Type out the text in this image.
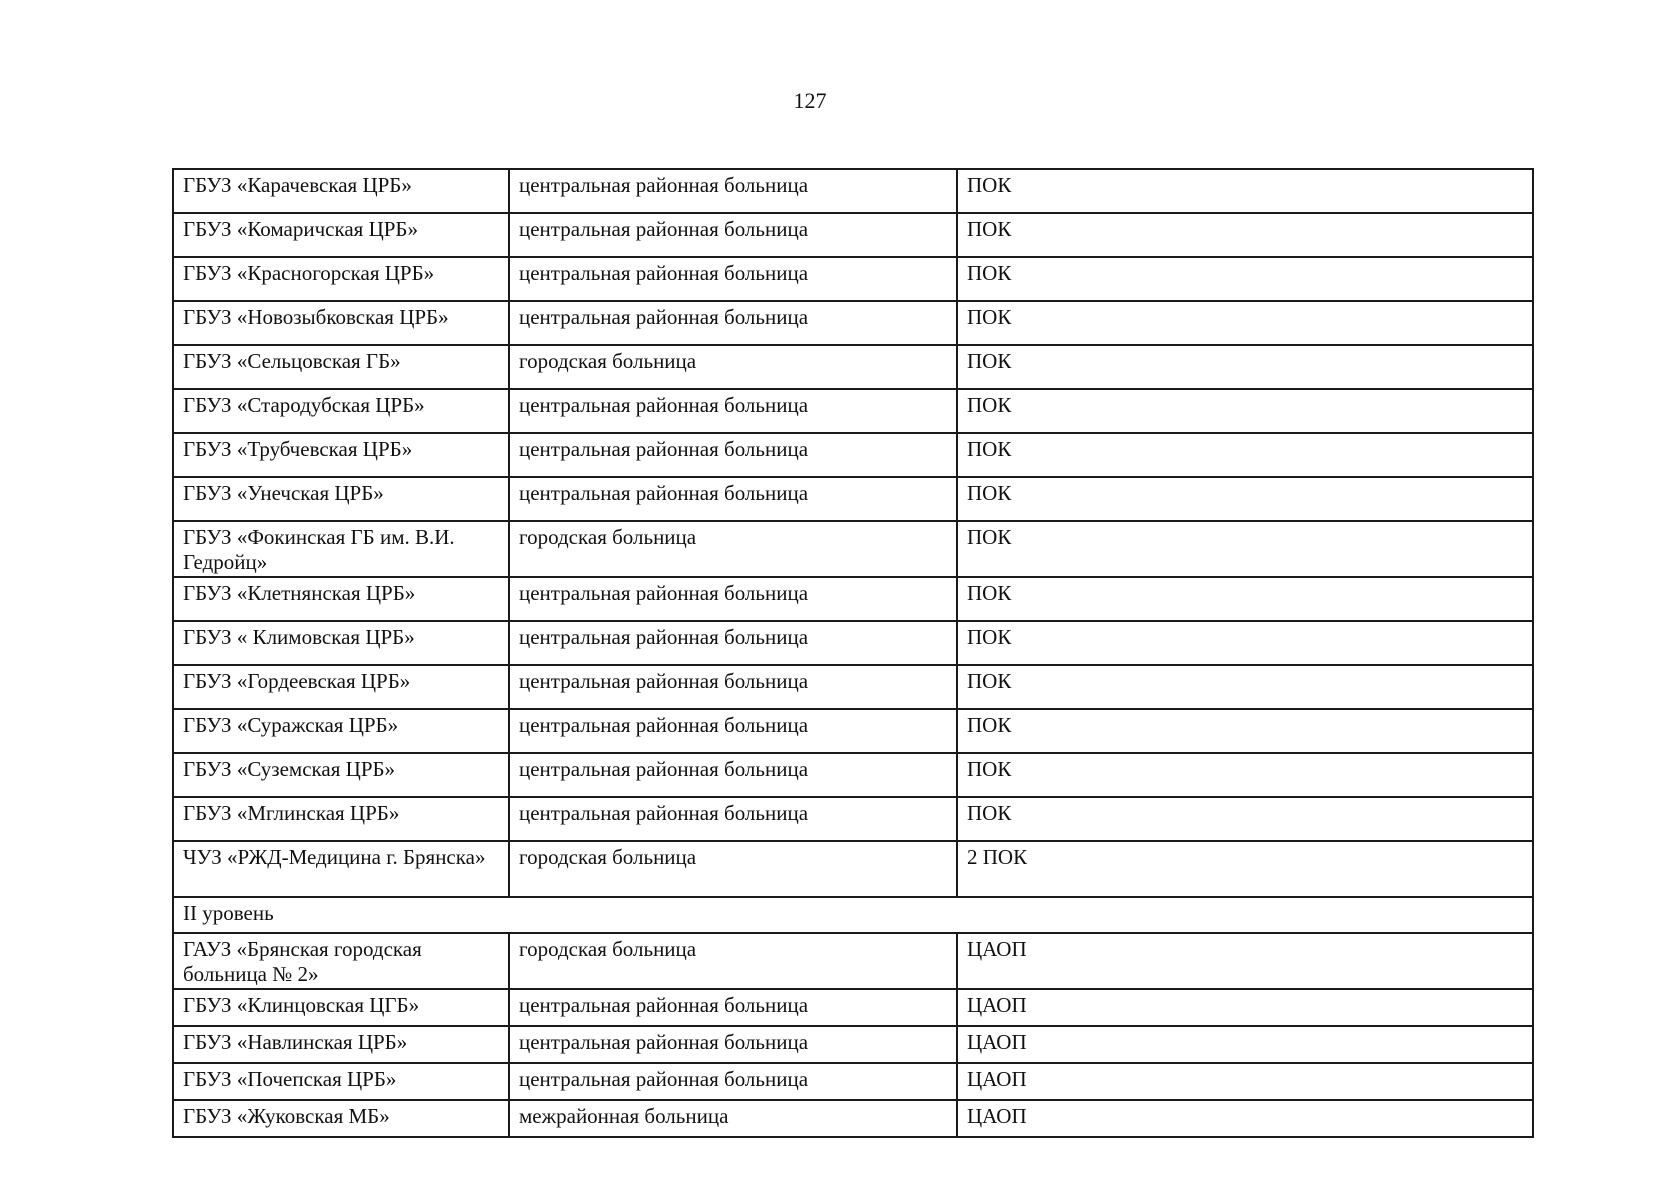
127
ГБУЗ «Карачевская ЦРБ»	центральная районная больница	ПОК
ГБУЗ «Комаричская ЦРБ»	центральная районная больница	ПОК
ГБУЗ «Красногорская ЦРБ»	центральная районная больница	ПОК
ГБУЗ «Новозыбковская ЦРБ»	центральная районная больница	ПОК
ГБУЗ «Сельцовская ГБ»	городская больница	ПОК
ГБУЗ «Стародубская ЦРБ»	центральная районная больница	ПОК
ГБУЗ «Трубчевская ЦРБ»	центральная районная больница	ПОК
ГБУЗ «Унечская ЦРБ»	центральная районная больница	ПОК
ГБУЗ «Фокинская ГБ им. В.И. Гедройц»	городская больница	ПОК
ГБУЗ «Клетнянская ЦРБ»	центральная районная больница	ПОК
ГБУЗ « Климовская ЦРБ»	центральная районная больница	ПОК
ГБУЗ «Гордеевская ЦРБ»	центральная районная больница	ПОК
ГБУЗ «Суражская ЦРБ»	центральная районная больница	ПОК
ГБУЗ «Суземская ЦРБ»	центральная районная больница	ПОК
ГБУЗ «Мглинская ЦРБ»	центральная районная больница	ПОК
ЧУЗ «РЖД-Медицина г. Брянска»	городская больница	2 ПОК
II уровень		
ГАУЗ «Брянская городская больница № 2»	городская больница	ЦАОП
ГБУЗ «Клинцовская ЦГБ»	центральная районная больница	ЦАОП
ГБУЗ «Навлинская ЦРБ»	центральная районная больница	ЦАОП
ГБУЗ «Почепская ЦРБ»	центральная районная больница	ЦАОП
ГБУЗ «Жуковская МБ»	межрайонная больница	ЦАОП
